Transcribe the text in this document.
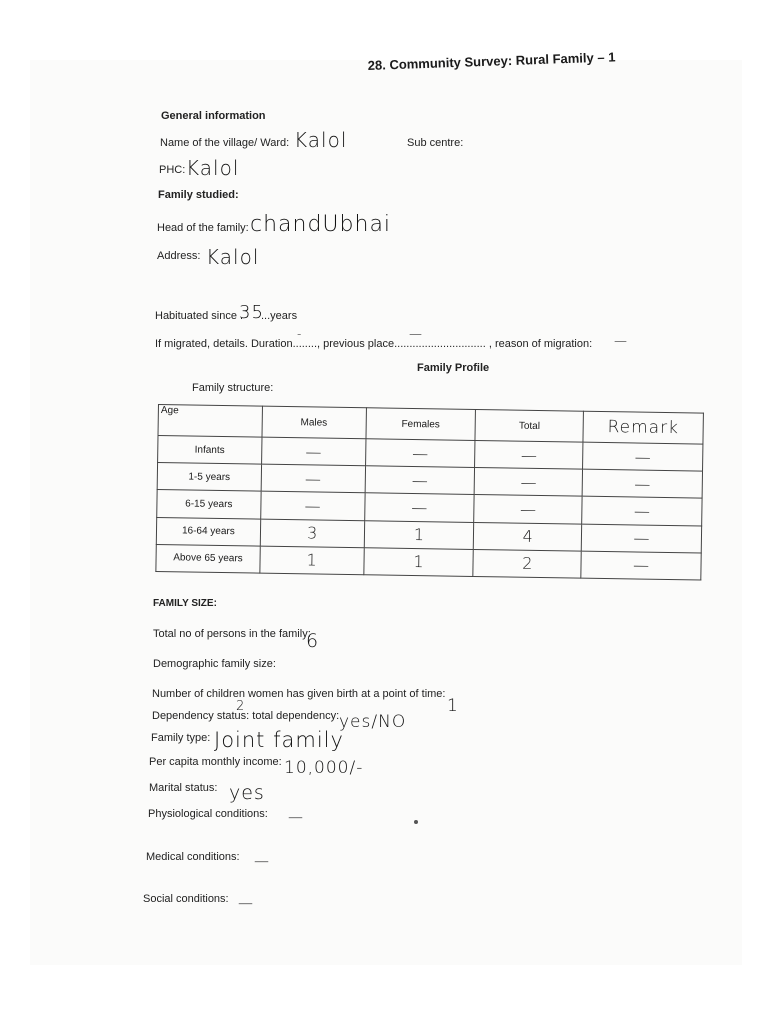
28. Community Survey: Rural Family – 1
General information
Name of the village/ Ward: Kalol	Sub centre:
PHC: Kalol
Family studied:
Head of the family: chandUbhai
Address: Kalol
Habituated since .
35
...years
If migrated, details. Duration........, previous place.............................. , reason of migration:
-	—	—
Family Profile
Family structure:
Age	Males	Females	Total	Remark
Infants	—	—	—	—
1-5 years	—	—	—	—
6-15 years	—	—	—	—
16-64 years	3	1	4	—
Above 65 years	1	1	2	—
FAMILY SIZE:
Total no of persons in the family:
6
Demographic family size:
Number of children women has given birth at a point of time:
1
2
Dependency status: total dependency: yes/NO
Family type: Joint family
Per capita monthly income: 10,000/-
Marital status: yes
Physiological conditions: —
Medical conditions: —
Social conditions: —
